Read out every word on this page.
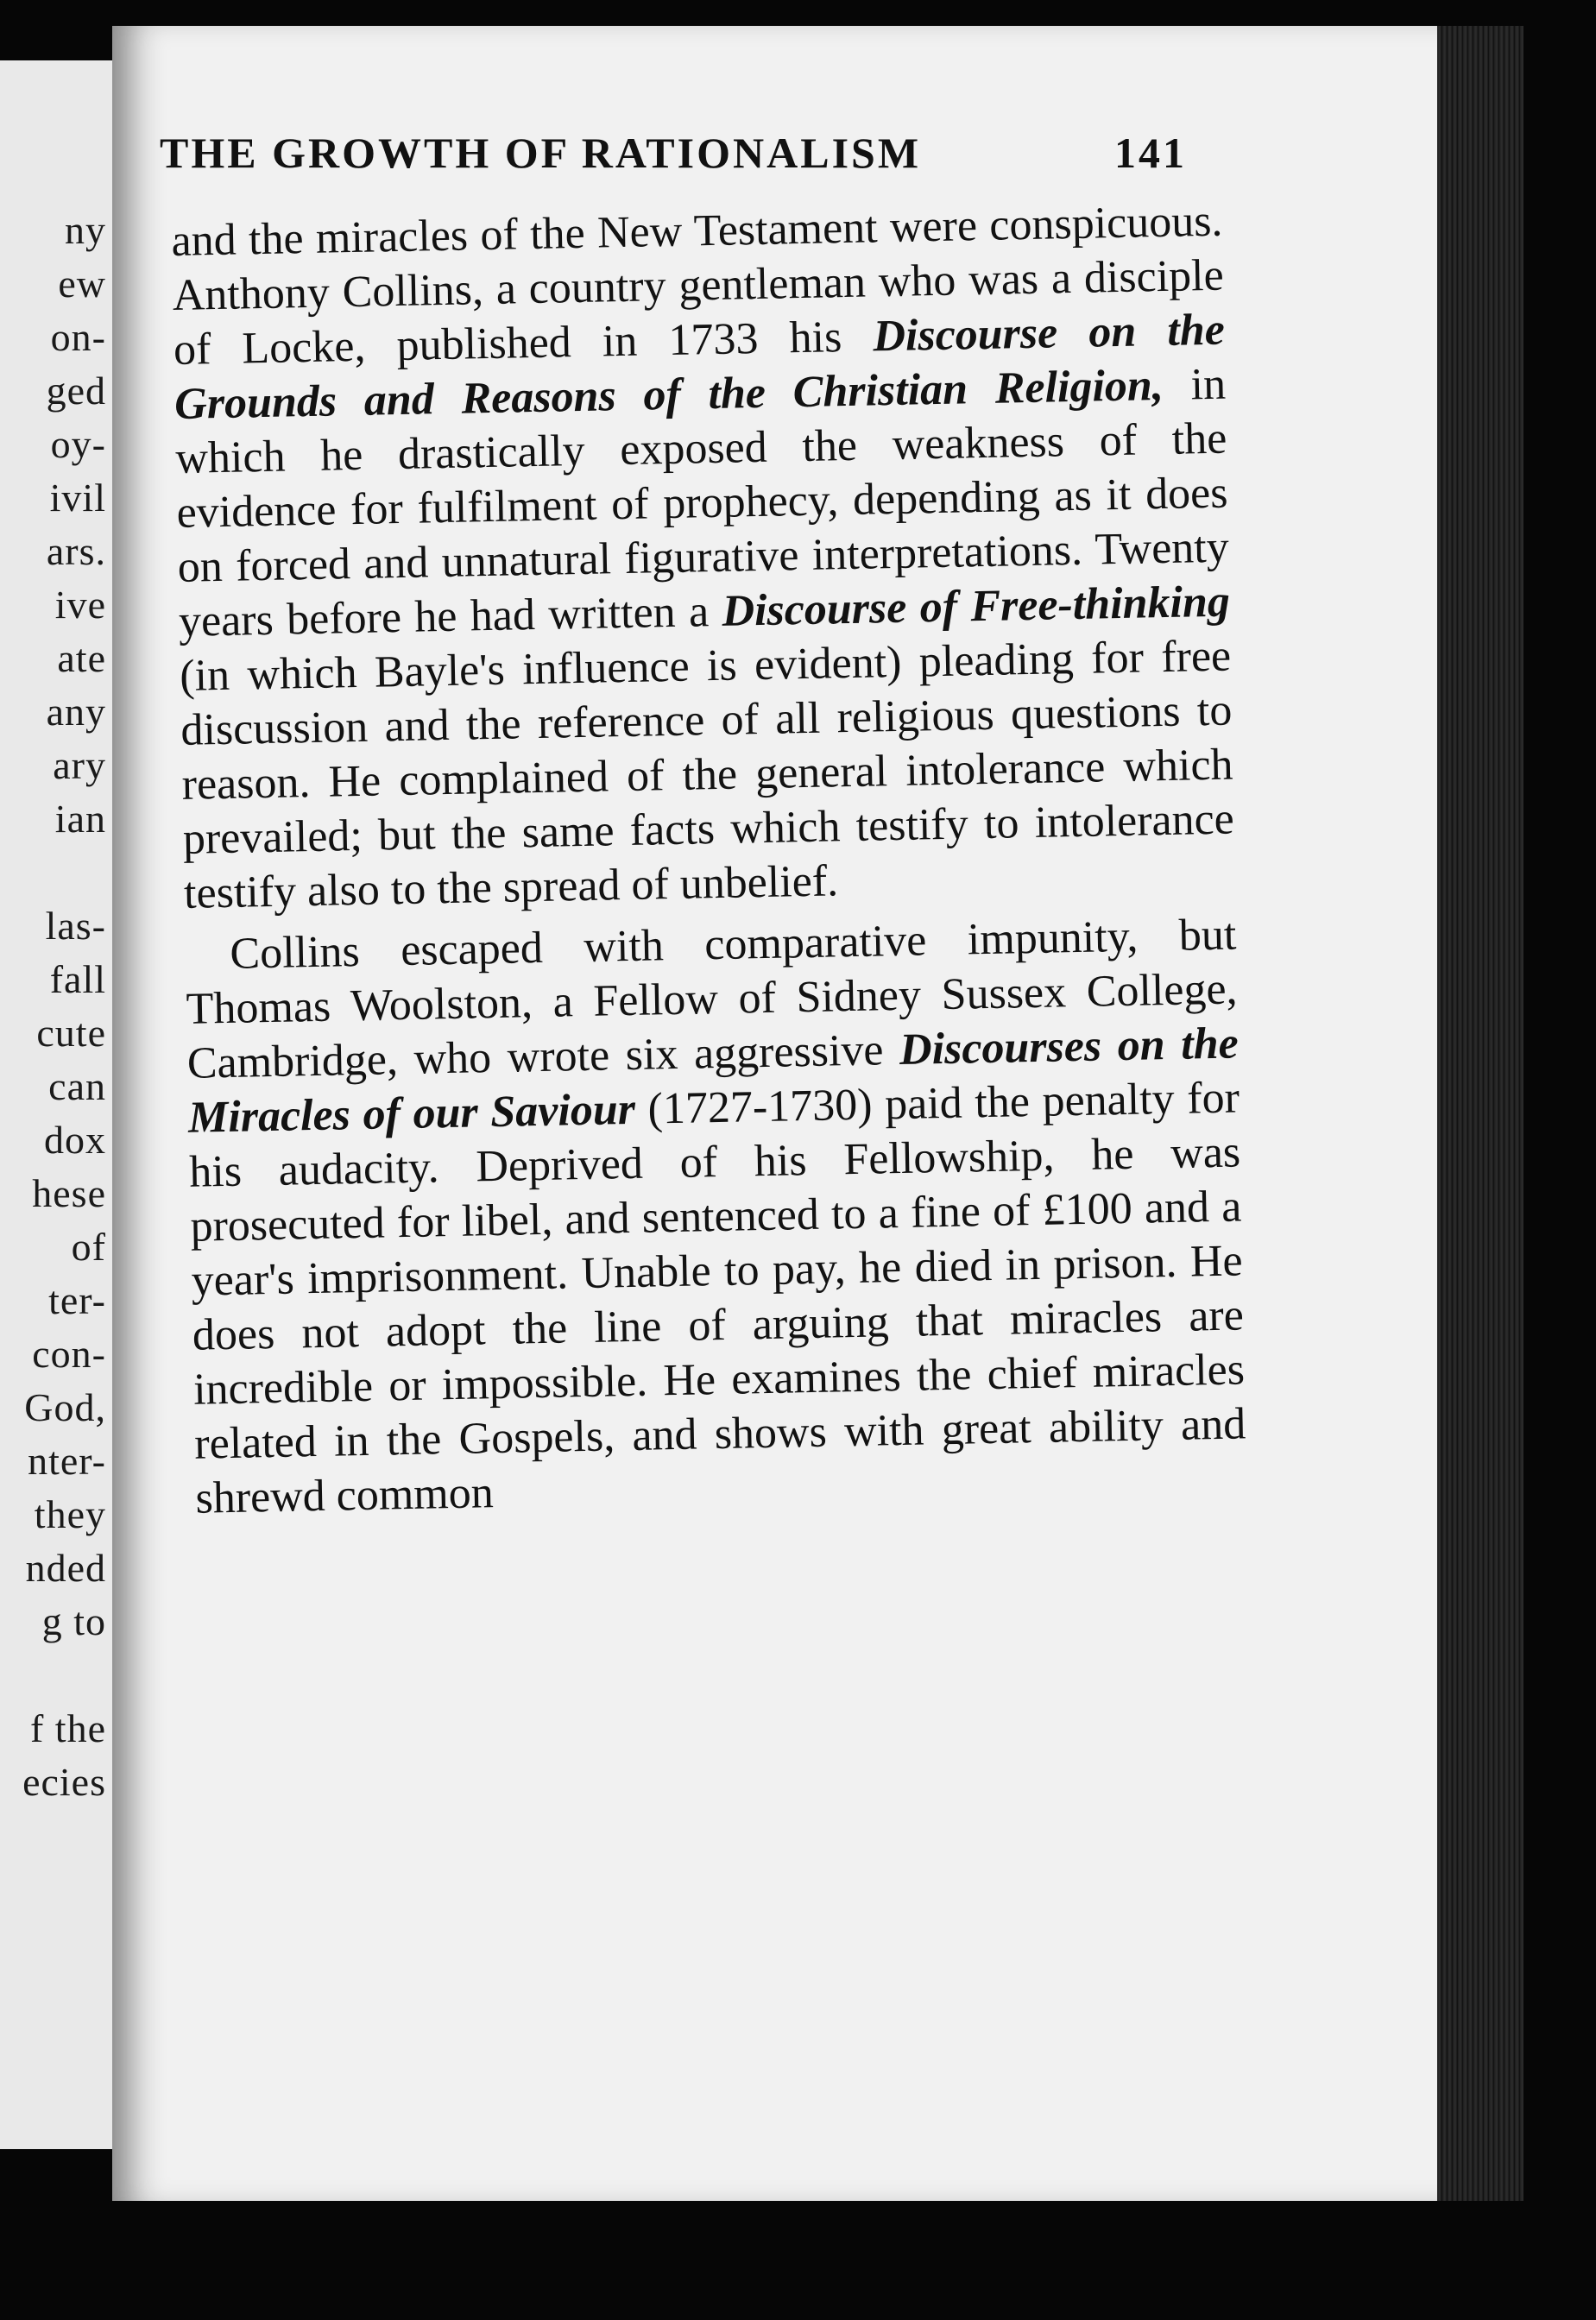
ny
ew
on-
ged
oy-
ivil
ars.
ive
ate
any
ary
ian
las-
fall
cute
can
dox
hese
of
ter-
con-
God,
nter-
they
nded
g to
f the
ecies
THE GROWTH OF RATIONALISM	141

and the miracles of the New Testament were conspicuous. Anthony Collins, a country gentleman who was a disciple of Locke, published in 1733 his Discourse on the Grounds and Reasons of the Christian Religion, in which he drastically exposed the weakness of the evidence for fulfilment of prophecy, depending as it does on forced and unnatural figurative interpretations. Twenty years before he had written a Discourse of Free-thinking (in which Bayle's influence is evident) pleading for free discussion and the reference of all religious questions to reason. He complained of the general intolerance which prevailed; but the same facts which testify to intolerance testify also to the spread of unbelief.

Collins escaped with comparative impunity, but Thomas Woolston, a Fellow of Sidney Sussex College, Cambridge, who wrote six aggressive Discourses on the Miracles of our Saviour (1727-1730) paid the penalty for his audacity. Deprived of his Fellowship, he was prosecuted for libel, and sentenced to a fine of £100 and a year's imprisonment. Unable to pay, he died in prison. He does not adopt the line of arguing that miracles are incredible or impossible. He examines the chief miracles related in the Gospels, and shows with great ability and shrewd common
